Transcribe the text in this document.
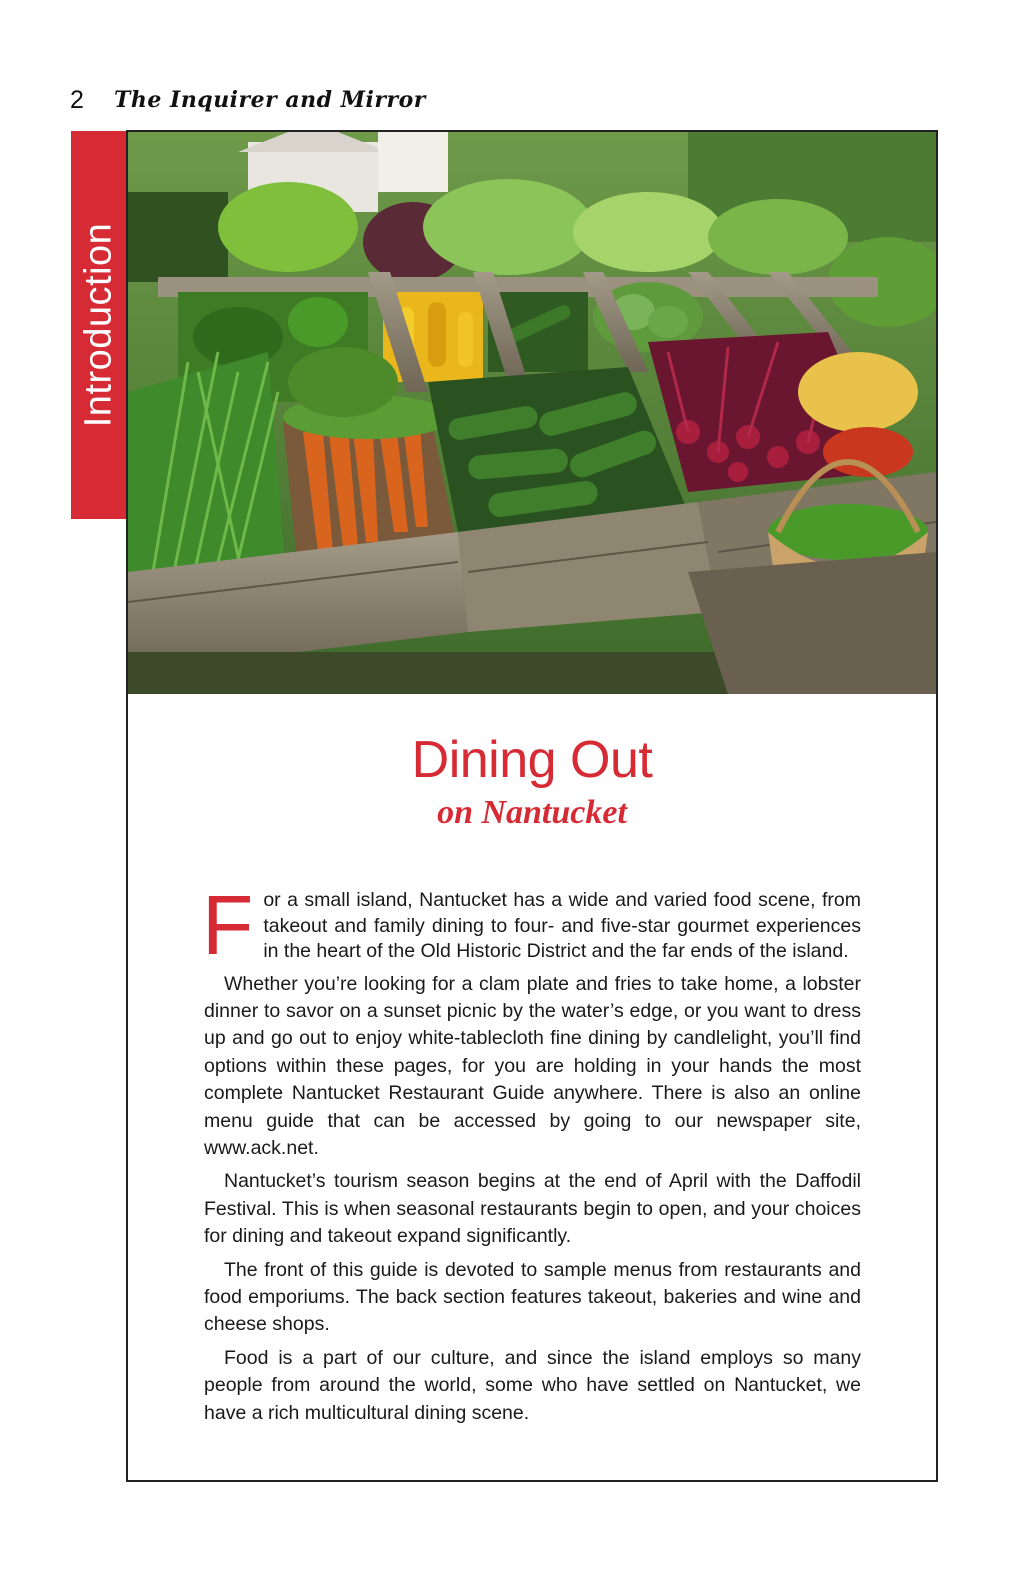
2 The Inquirer and Mirror
Introduction
Dining Out
on Nantucket

For a small island, Nantucket has a wide and varied food scene, from takeout and family dining to four- and five-star gourmet experiences in the heart of the Old Historic District and the far ends of the island.

Whether you’re looking for a clam plate and fries to take home, a lobster dinner to savor on a sunset picnic by the water’s edge, or you want to dress up and go out to enjoy white-tablecloth fine dining by candlelight, you’ll find options within these pages, for you are holding in your hands the most complete Nantucket Restaurant Guide anywhere. There is also an online menu guide that can be accessed by going to our newspaper site, www.ack.net.

Nantucket’s tourism season begins at the end of April with the Daffodil Festival. This is when seasonal restaurants begin to open, and your choices for dining and takeout expand significantly.

The front of this guide is devoted to sample menus from restaurants and food emporiums. The back section features takeout, bakeries and wine and cheese shops.

Food is a part of our culture, and since the island employs so many people from around the world, some who have settled on Nantucket, we have a rich multicultural dining scene.
